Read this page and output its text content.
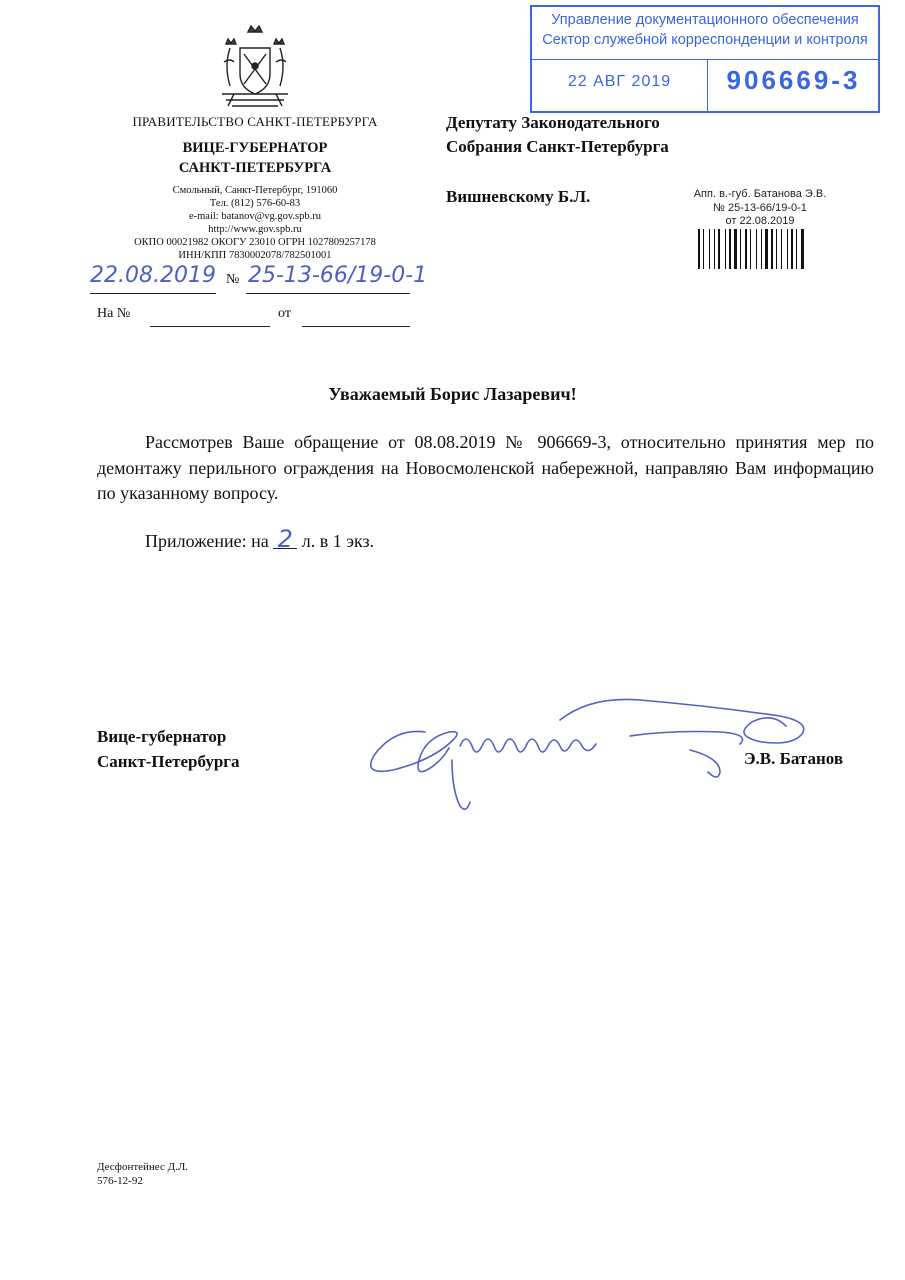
ПРАВИТЕЛЬСТВО САНКТ-ПЕТЕРБУРГА
ВИЦЕ-ГУБЕРНАТОР
САНКТ-ПЕТЕРБУРГА
Смольный, Санкт-Петербург, 191060
Тел. (812) 576-60-83
e-mail: batanov@vg.gov.spb.ru
http://www.gov.spb.ru
ОКПО 00021982 ОКОГУ 23010 ОГРН 1027809257178
ИНН/КПП 7830002078/782501001
22.08.2019 № 25-13-66/19-0-1
На №	от
Депутату Законодательного
Собрания Санкт-Петербурга
Вишневскому Б.Л.
Управление документационного обеспечения
Сектор служебной корреспонденции и контроля
22 АВГ 2019	906669-3
Апп. в.-губ. Батанова Э.В.
№ 25-13-66/19-0-1
от 22.08.2019
Уважаемый Борис Лазаревич!
Рассмотрев Ваше обращение от 08.08.2019 № 906669-3, относительно принятия мер по демонтажу перильного ограждения на Новосмоленской набережной, направляю Вам информацию по указанному вопросу.
Приложение: на 2 л. в 1 экз.
Вице-губернатор
Санкт-Петербурга	Э.В. Батанов
Десфонтейнес Д.Л.
576-12-92
